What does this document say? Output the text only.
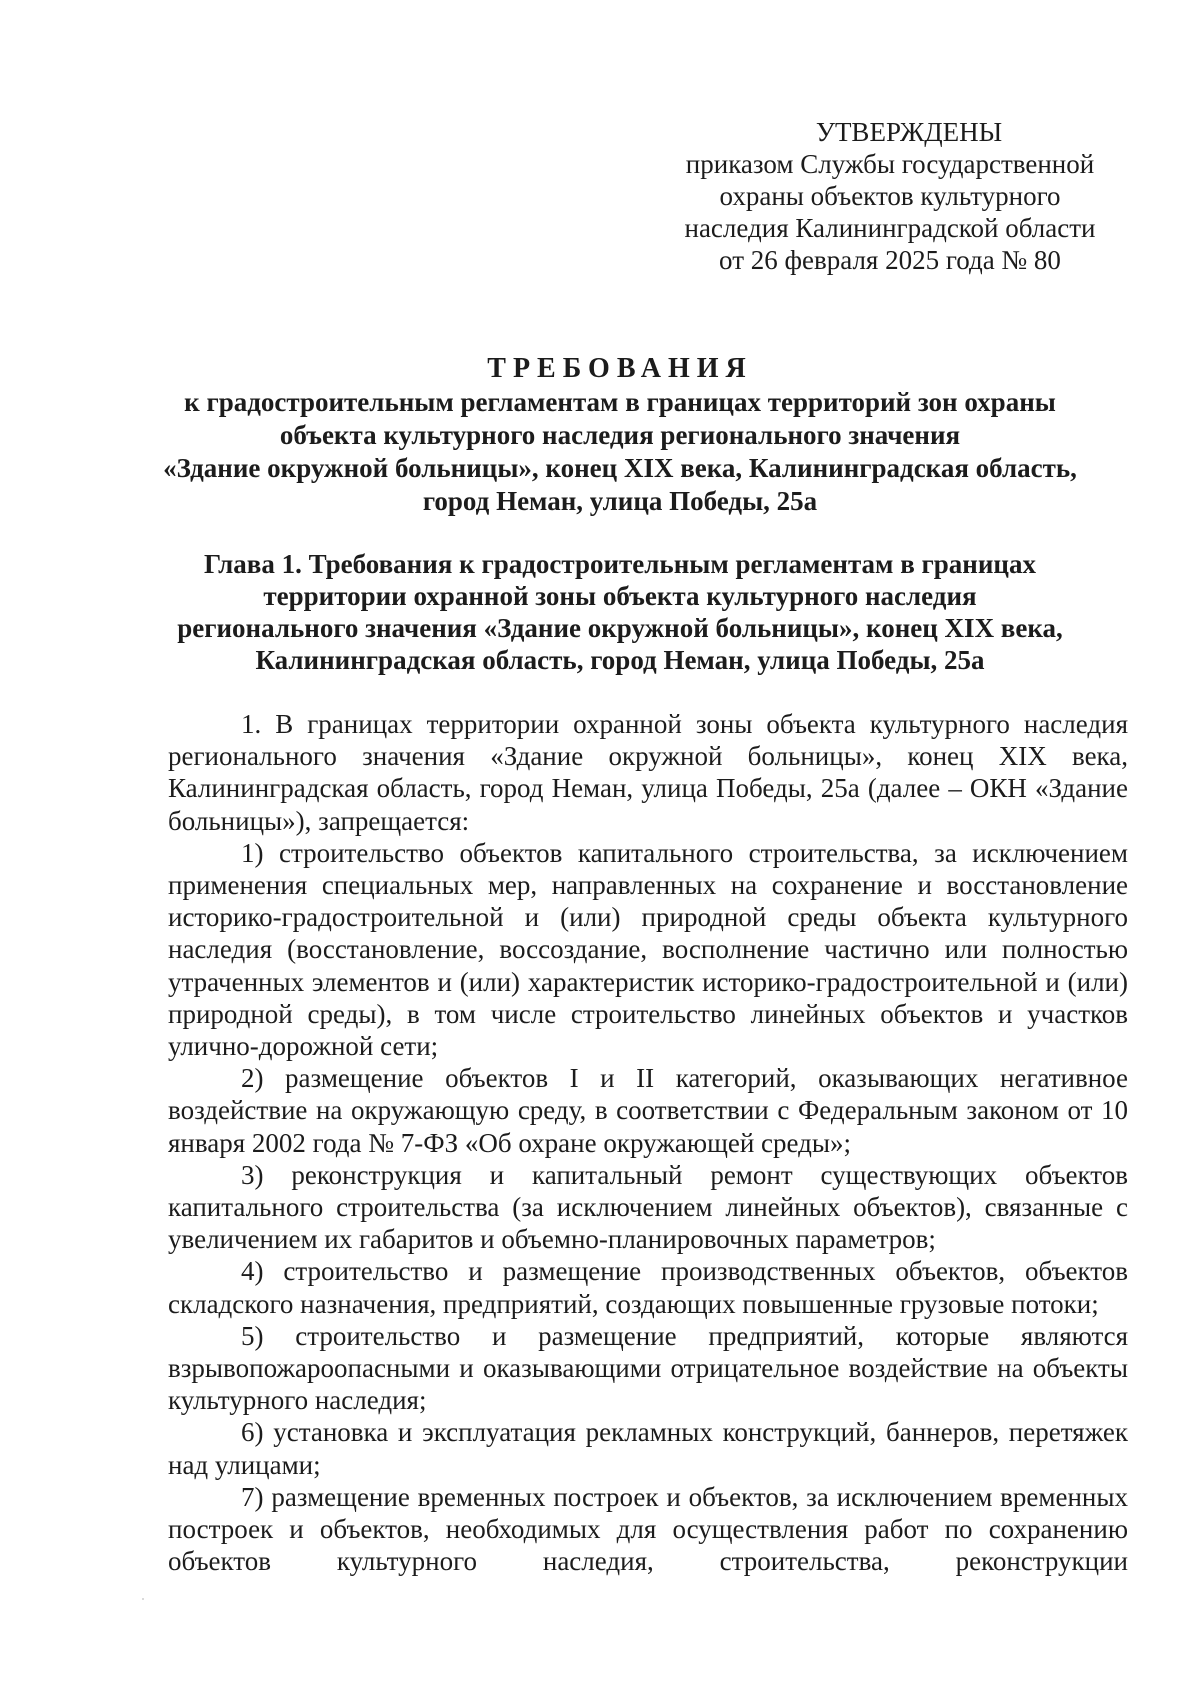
УТВЕРЖДЕНЫ
приказом Службы государственной
охраны объектов культурного
наследия Калининградской области
от 26 февраля 2025 года № 80
ТРЕБОВАНИЯ
к градостроительным регламентам в границах территорий зон охраны
объекта культурного наследия регионального значения
«Здание окружной больницы», конец XIX века, Калининградская область,
город Неман, улица Победы, 25а
Глава 1. Требования к градостроительным регламентам в границах
территории охранной зоны объекта культурного наследия
регионального значения «Здание окружной больницы», конец XIX века,
Калининградская область, город Неман, улица Победы, 25а

1. В границах территории охранной зоны объекта культурного наследия регионального значения «Здание окружной больницы», конец XIX века, Калининградская область, город Неман, улица Победы, 25а (далее – ОКН «Здание больницы»), запрещается:

1) строительство объектов капитального строительства, за исключением применения специальных мер, направленных на сохранение и восстановление историко-градостроительной и (или) природной среды объекта культурного наследия (восстановление, воссоздание, восполнение частично или полностью утраченных элементов и (или) характеристик историко-градостроительной и (или) природной среды), в том числе строительство линейных объектов и участков улично-дорожной сети;

2) размещение объектов I и II категорий, оказывающих негативное воздействие на окружающую среду, в соответствии с Федеральным законом от 10 января 2002 года № 7-ФЗ «Об охране окружающей среды»;

3) реконструкция и капитальный ремонт существующих объектов капитального строительства (за исключением линейных объектов), связанные с увеличением их габаритов и объемно-планировочных параметров;

4) строительство и размещение производственных объектов, объектов складского назначения, предприятий, создающих повышенные грузовые потоки;

5) строительство и размещение предприятий, которые являются взрывопожароопасными и оказывающими отрицательное воздействие на объекты культурного наследия;

6) установка и эксплуатация рекламных конструкций, баннеров, перетяжек над улицами;

7) размещение временных построек и объектов, за исключением временных построек и объектов, необходимых для осуществления работ по сохранению объектов культурного наследия, строительства, реконструкции
